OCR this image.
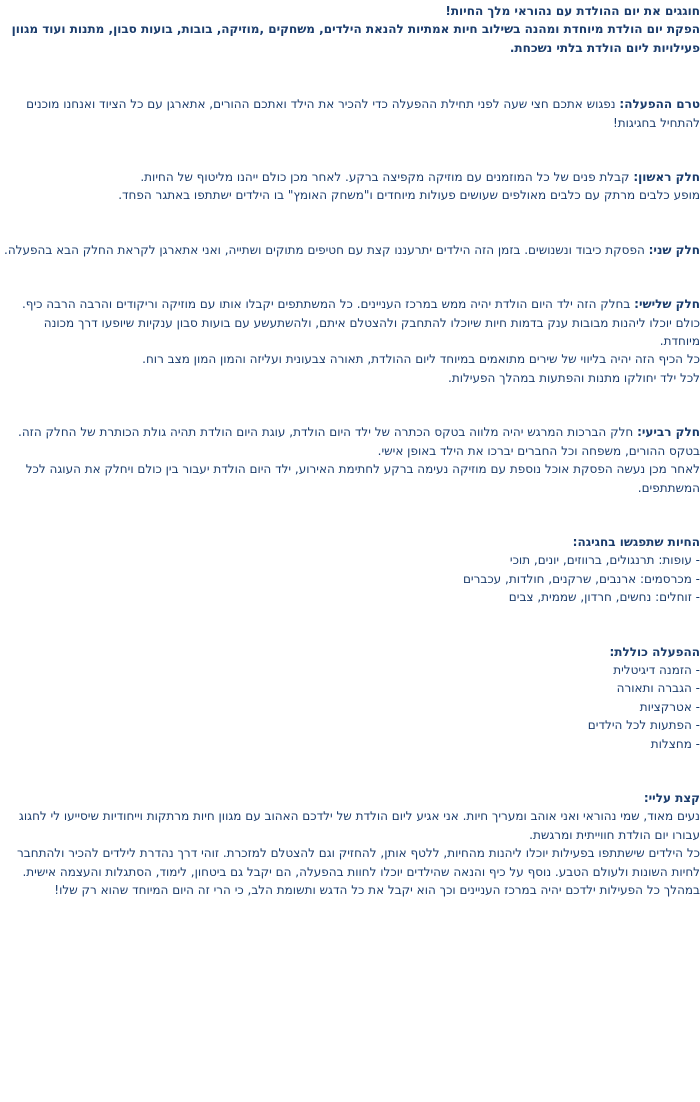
חוגגים את יום ההולדת עם נהוראי מלך החיות!

הפקת יום הולדת מיוחדת ומהנה בשילוב חיות אמתיות להנאת הילדים, משחקים ,מוזיקה, בובות, בועות סבון, מתנות ועוד מגוון פעילויות ליום הולדת בלתי נשכחת.

טרם ההפעלה: נפגוש אתכם חצי שעה לפני תחילת ההפעלה כדי להכיר את הילד ואתכם ההורים, אתארגן עם כל הציוד ואנחנו מוכנים להתחיל בחגיגות!

חלק ראשון: קבלת פנים של כל המוזמנים עם מוזיקה מקפיצה ברקע. לאחר מכן כולם ייהנו מליטוף של החיות.

מופע כלבים מרתק עם כלבים מאולפים שעושים פעולות מיוחדים ו"משחק האומץ" בו הילדים ישתתפו באתגר הפחד.

חלק שני: הפסקת כיבוד ונשנושים. בזמן הזה הילדים יתרעננו קצת עם חטיפים מתוקים ושתייה, ואני אתארגן לקראת החלק הבא בהפעלה.

חלק שלישי: בחלק הזה ילד היום הולדת יהיה ממש במרכז העניינים. כל המשתתפים יקבלו אותו עם מוזיקה וריקודים והרבה הרבה כיף.

כולם יוכלו ליהנות מבובות ענק בדמות חיות שיוכלו להתחבק ולהצטלם איתם, ולהשתעשע עם בועות סבון ענקיות שיופעו דרך מכונה מיוחדת.

כל הכיף הזה יהיה בליווי של שירים מתואמים במיוחד ליום ההולדת, תאורה צבעונית ועליזה והמון המון מצב רוח.

לכל ילד יחולקו מתנות והפתעות במהלך הפעילות.

חלק רביעי: חלק הברכות המרגש יהיה מלווה בטקס הכתרה של ילד היום הולדת, עוגת היום הולדת תהיה גולת הכותרת של החלק הזה.

בטקס ההורים, משפחה וכל החברים יברכו את הילד באופן אישי.

לאחר מכן נעשה הפסקת אוכל נוספת עם מוזיקה נעימה ברקע לחתימת האירוע, ילד היום הולדת יעבור בין כולם ויחלק את העוגה לכל המשתתפים.

החיות שתפגשו בחגיגה:

- עופות: תרנגולים, ברווזים, יונים, תוכי
- מכרסמים: ארנבים, שרקנים, חולדות, עכברים
- זוחלים: נחשים, חרדון, שממית, צבים

ההפעלה כוללת:

- הזמנה דיגיטלית
- הגברה ותאורה
- אטרקציות
- הפתעות לכל הילדים
- מחצלות

קצת עליי:

נעים מאוד, שמי נהוראי ואני אוהב ומעריך חיות. אני אגיע ליום הולדת של ילדכם האהוב עם מגוון חיות מרתקות וייחודיות שיסייעו לי לחגוג עבורו יום הולדת חווייתית ומרגשת.

כל הילדים שישתתפו בפעילות יוכלו ליהנות מהחיות, ללטף אותן, להחזיק וגם להצטלם למזכרת. זוהי דרך נהדרת לילדים להכיר ולהתחבר לחיות השונות ולעולם הטבע. נוסף על כיף והנאה שהילדים יוכלו לחוות בהפעלה, הם יקבל גם ביטחון, לימוד, הסתגלות והעצמה אישית.

במהלך כל הפעילות ילדכם יהיה במרכז העניינים וכך הוא יקבל את כל הדגש ותשומת הלב, כי הרי זה היום המיוחד שהוא רק שלו!
